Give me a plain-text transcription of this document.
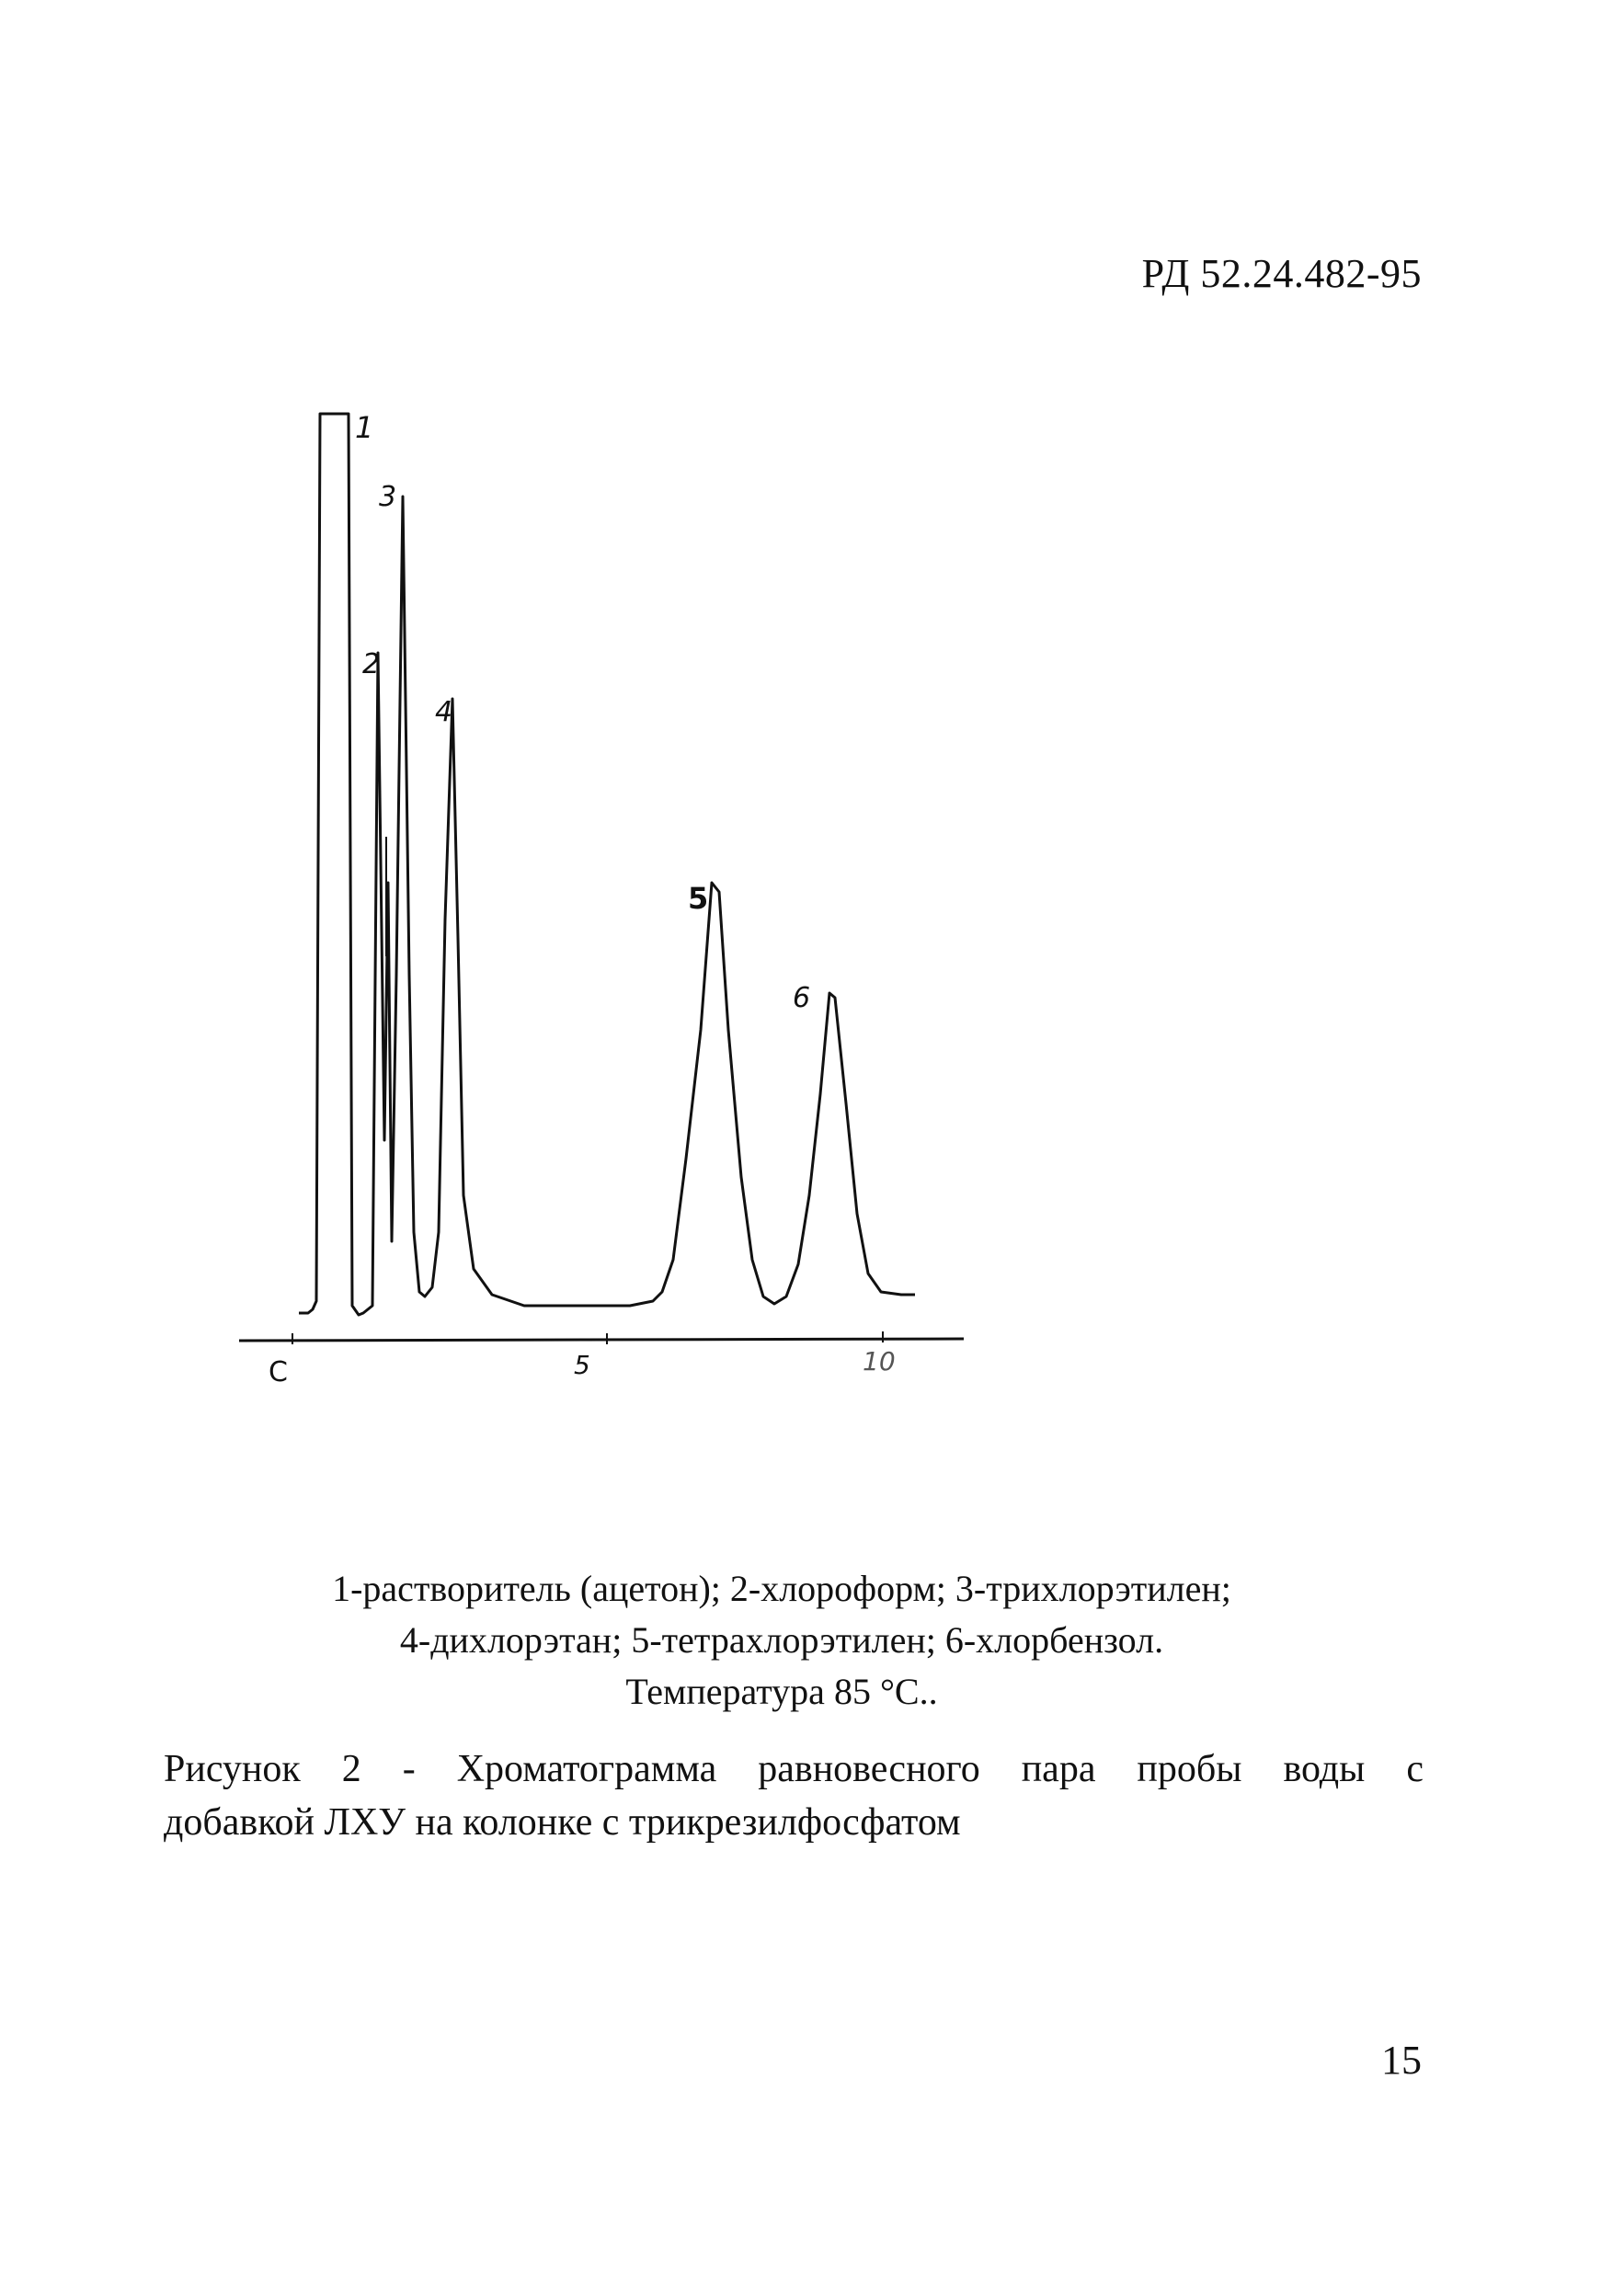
РД 52.24.482-95
1
2
3
4
5
6
С	5	10
1-растворитель (ацетон); 2-хлороформ; 3-трихлорэтилен;
4-дихлорэтан; 5-тетрахлорэтилен; 6-хлорбензол.
Температура 85 °С..
Рисунок 2 - Хроматограмма равновесного пара пробы воды с
добавкой ЛХУ на колонке с трикрезилфосфатом
15
